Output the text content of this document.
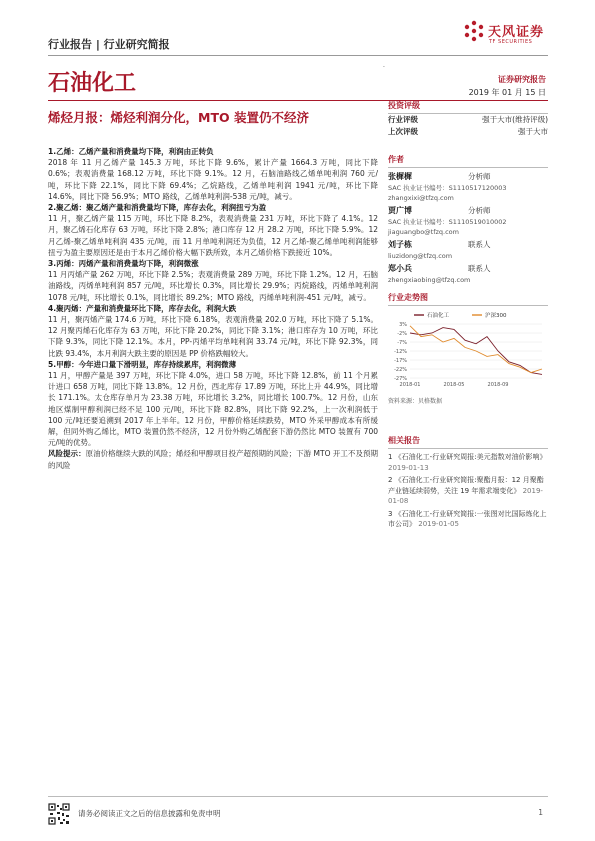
行业报告 | 行业研究简报
天风证券
TF SECURITIES
石油化工
.
证券研究报告
2019 年 01 月 15 日
烯烃月报：烯烃利润分化，MTO 装置仍不经济

1.乙烯：乙烯产量和消费量均下降，利润由正转负

2018 年 11 月乙烯产量 145.3 万吨，环比下降 9.6%，累计产量 1664.3 万吨，同比下降 0.6%；表观消费量 168.12 万吨，环比下降 9.1%。12 月，石脑油路线乙烯单吨利润 760 元/吨，环比下降 22.1%，同比下降 69.4%；乙烷路线，乙烯单吨利润 1941 元/吨，环比下降 14.6%，同比下降 56.9%；MTO 路线，乙烯单吨利润-538 元/吨，减亏。

2.聚乙烯：聚乙烯产量和消费量均下降，库存去化，利润扭亏为盈

11 月，聚乙烯产量 115 万吨，环比下降 8.2%，表观消费量 231 万吨，环比下降了 4.1%。12 月，聚乙烯石化库存 63 万吨，环比下降 2.8%；港口库存 12 月 28.2 万吨，环比下降 5.9%。12 月乙烯-聚乙烯单吨利润 435 元/吨，而 11 月单吨利润还为负值，12 月乙烯-聚乙烯单吨利润能够扭亏为盈主要原因还是由于本月乙烯价格大幅下跌所致，本月乙烯价格下跌接近 10%。

3.丙烯：丙烯产量和消费量均下降，利润微涨

11 月丙烯产量 262 万吨，环比下降 2.5%；表观消费量 289 万吨，环比下降 1.2%。12 月，石脑油路线，丙烯单吨利润 857 元/吨，环比增长 0.3%，同比增长 29.9%；丙烷路线，丙烯单吨利润 1078 元/吨，环比增长 0.1%，同比增长 89.2%；MTO 路线，丙烯单吨利润-451 元/吨，减亏。

4.聚丙烯：产量和消费量环比下降，库存去化，利润大跌

11 月，聚丙烯产量 174.6 万吨，环比下降 6.18%，表观消费量 202.0 万吨，环比下降了 5.1%。12 月聚丙烯石化库存为 63 万吨，环比下降 20.2%，同比下降 3.1%；港口库存为 10 万吨，环比下降 9.3%，同比下降 12.1%。本月，PP-丙烯平均单吨利润 33.74 元/吨，环比下降 92.3%，同比跌 93.4%，本月利润大跌主要的原因是 PP 价格跌幅较大。

5.甲醇：今年进口量下滑明显，库存持续累库，利润微薄

11 月，甲醇产量是 397 万吨，环比下降 4.0%，进口 58 万吨，环比下降 12.8%，前 11 个月累计进口 658 万吨，同比下降 13.8%。12 月份，西北库存 17.89 万吨，环比上升 44.9%，同比增长 171.1%。太仓库存单月为 23.38 万吨，环比增长 3.2%，同比增长 100.7%。12 月份，山东地区煤制甲醇利润已经不足 100 元/吨，环比下降 82.8%，同比下降 92.2%，上一次利润低于 100 元/吨还要追溯到 2017 年上半年。12 月份，甲醇价格延续跌势，MTO 外采甲醇成本有所缓解，但同外购乙烯比，MTO 装置仍然不经济，12 月份外购乙烯配套下游仍然比 MTO 装置有 700 元/吨的优势。

风险提示：原油价格继续大跌的风险；烯烃和甲醇项目投产超预期的风险；下游 MTO 开工不及预期的风险

投资评级
行业评级	强于大市(维持评级)
上次评级	强于大市
作者
张樨樨	分析师
SAC 执业证书编号：S1110517120003
zhangxixi@tfzq.com
贾广博	分析师
SAC 执业证书编号：S1110519010002
jiaguangbo@tfzq.com
刘子栋	联系人
liuzidong@tfzq.com
郑小兵	联系人
zhengxiaobing@tfzq.com
行业走势图
3%
-2%
-7%
-12%
-17%
-22%
-27%
2018-01	2018-05	2018-09
石油化工	沪深300
资料来源：贝格数据
相关报告
1 《石油化工-行业研究周报:美元指数对油价影响》 2019-01-13
2 《石油化工-行业研究简报:聚酯月报：12 月聚酯产业链延续弱势，关注 19 年需求端变化》 2019-01-08
3 《石油化工-行业研究简报:一张图对比国际炼化上市公司》 2019-01-05
请务必阅读正文之后的信息披露和免责申明	1
